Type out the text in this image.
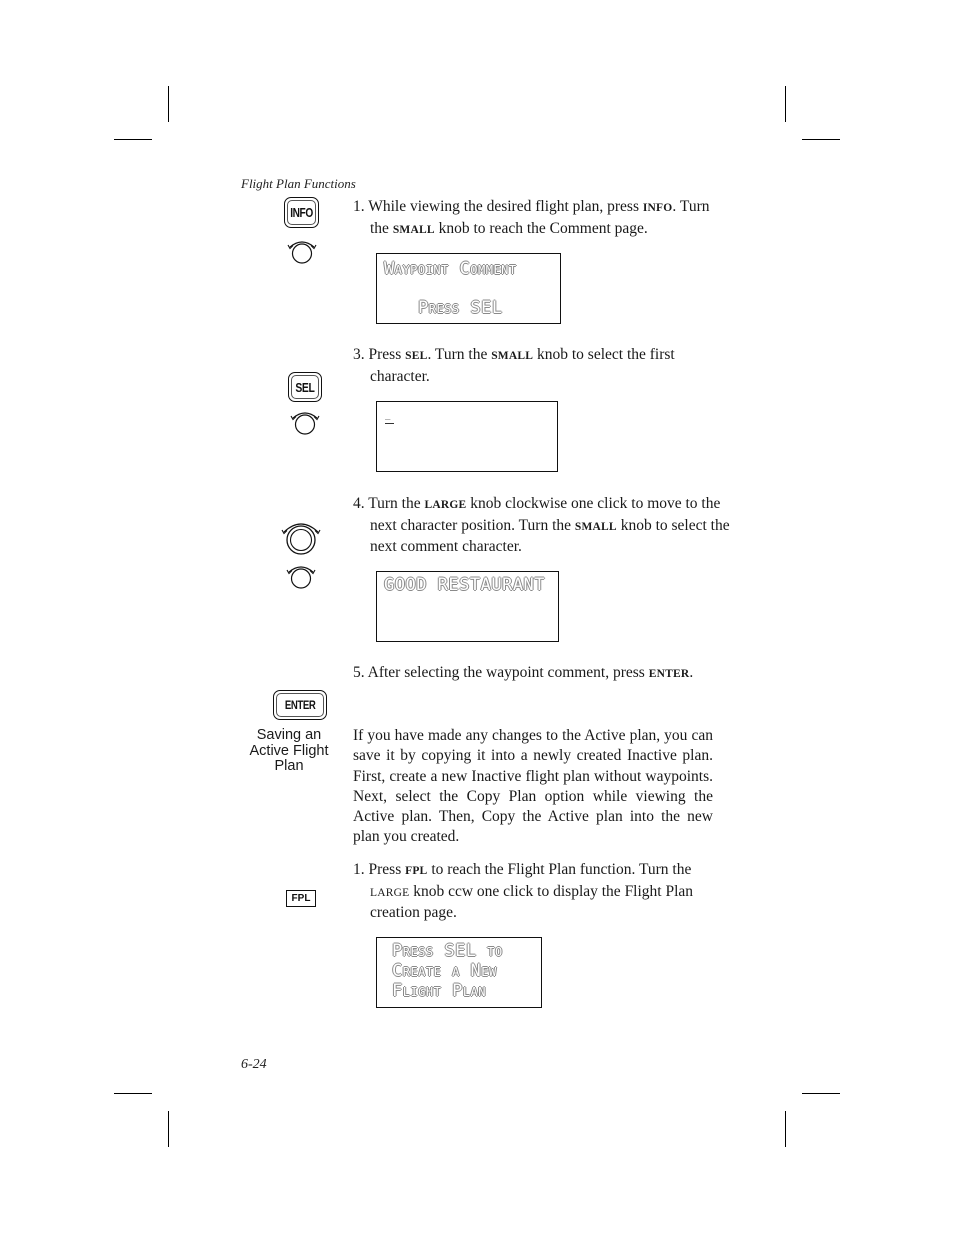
Flight Plan Functions
INFO	1. While viewing the desired flight plan, press INFO. Turn the SMALL knob to reach the Comment page.
Waypoint Comment
Press SEL
3. Press SEL. Turn the SMALL knob to select the first character.
SEL
_
4. Turn the LARGE knob clockwise one click to move to the next character position. Turn the SMALL knob to select the next comment character.
GOOD RESTAURANT
5. After selecting the waypoint comment, press ENTER.
ENTER
Saving an
Active Flight
Plan
If you have made any changes to the Active plan, you can save it by copying it into a newly created Inactive plan. First, create a new Inactive flight plan without waypoints. Next, select the Copy Plan option while viewing the Active plan. Then, Copy the Active plan into the new plan you created.
1. Press FPL to reach the Flight Plan function. Turn the LARGE knob ccw one click to display the Flight Plan creation page.
FPL
Press SEL to
Create a New
Flight Plan
6-24
